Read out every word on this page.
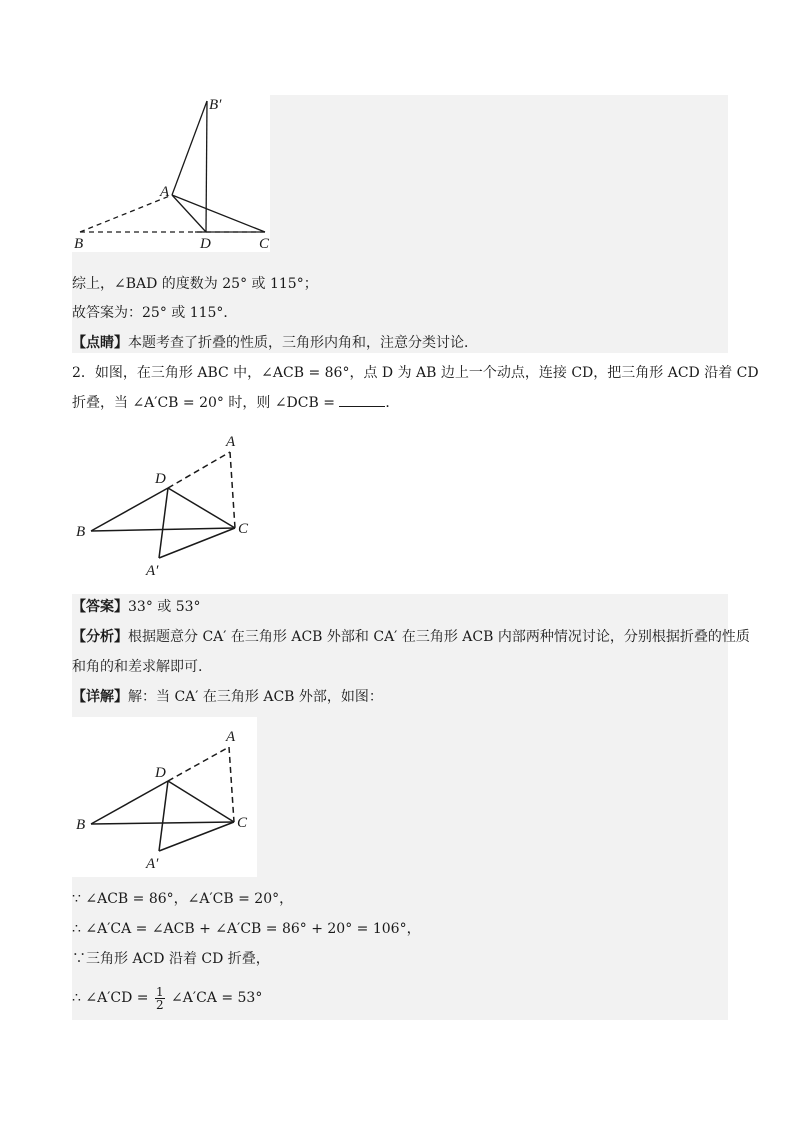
B′
A
B	D	C
综上，∠BAD 的度数为 25° 或 115°；
故答案为：25° 或 115°．
【点睛】本题考查了折叠的性质，三角形内角和，注意分类讨论．
2．如图，在三角形 ABC 中，∠ACB = 86°，点 D 为 AB 边上一个动点，连接 CD，把三角形 ACD 沿着 CD
折叠，当 ∠A′CB = 20° 时，则 ∠DCB =	．
A
D
B	C
A′
【答案】33° 或 53°
【分析】根据题意分 CA′ 在三角形 ACB 外部和 CA′ 在三角形 ACB 内部两种情况讨论，分别根据折叠的性质
和角的和差求解即可.
【详解】解：当 CA′ 在三角形 ACB 外部，如图：
A
D
B	C
A′
∵ ∠ACB = 86°，∠A′CB = 20°，
∴ ∠A′CA = ∠ACB + ∠A′CB = 86° + 20° = 106°，
∵三角形 ACD 沿着 CD 折叠，
∴ ∠A′CD = $\frac{1}{2}$ ∠A′CA = 53°
